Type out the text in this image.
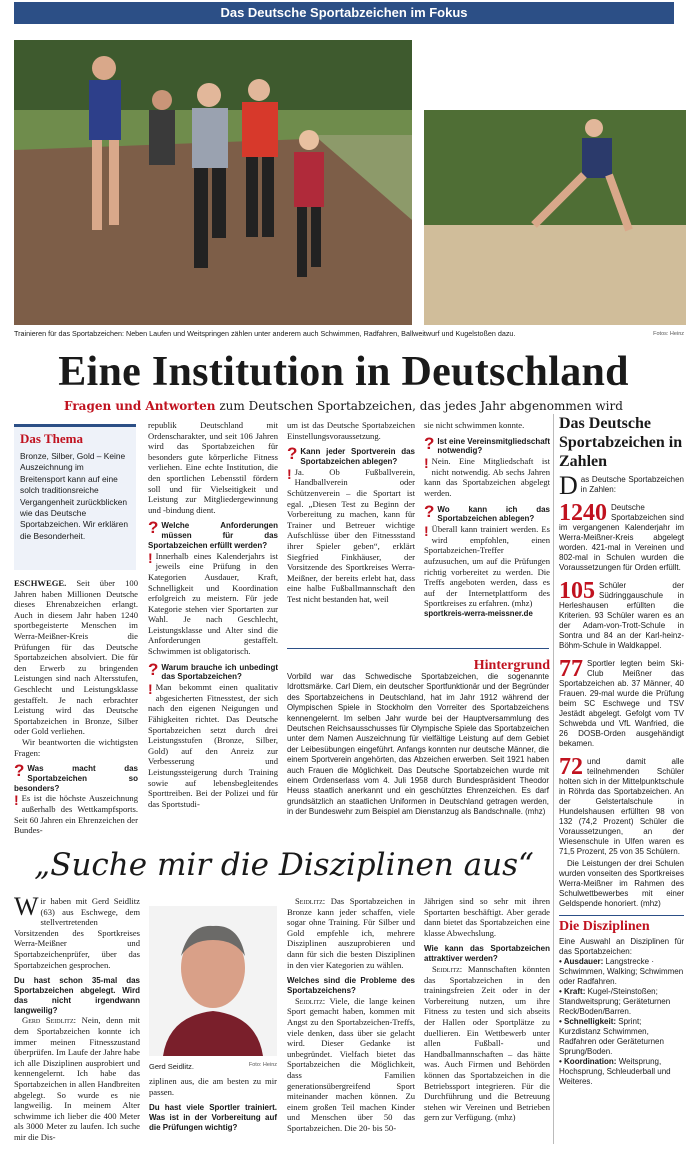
Das Deutsche Sportabzeichen im Fokus
Trainieren für das Sportabzeichen: Neben Laufen und Weitspringen zählen unter anderem auch Schwimmen, Radfahren, Ballweitwurf und Kugelstoßen dazu.	Fotos: Heinz
Eine Institution in Deutschland
Fragen und Antworten zum Deutschen Sportabzeichen, das jedes Jahr abgenommen wird
Das Thema
Bronze, Silber, Gold – Keine Auszeichnung im Breitensport kann auf eine solch traditionsreiche Vergangenheit zurückblicken wie das Deutsche Sportabzeichen. Wir erklären die Besonderheit.

ESCHWEGE. Seit über 100 Jahren haben Millionen Deutsche dieses Ehrenabzeichen erlangt. Auch in diesem Jahr haben 1240 sportbegeisterte Menschen im Werra-Meißner-Kreis die Prüfungen für das Deutsche Sportabzeichen absolviert. Die für den Erwerb zu bringenden Leistungen sind nach Altersstufen, Geschlecht und Leistungsklasse gestaffelt. Je nach erbrachter Leistung wird das Deutsche Sportabzeichen in Bronze, Silber oder Gold verliehen.

Wir beantworten die wichtigsten Fragen:

? Was macht das Sportabzeichen so besonders?

! Es ist die höchste Auszeichnung außerhalb des Wettkampfsports. Seit 60 Jahren ein Ehrenzeichen der Bundes-

republik Deutschland mit Ordenscharakter, und seit 106 Jahren wird das Sportabzeichen für besonders gute körperliche Fitness verliehen. Eine echte Institution, die den sportlichen Lebensstil fördern soll und für Vielseitigkeit und Leistung zur Mitgliedergewinnung und -bindung dient.

? Welche Anforderungen müssen für das Sportabzeichen erfüllt werden?

! Innerhalb eines Kalenderjahrs ist jeweils eine Prüfung in den Kategorien Ausdauer, Kraft, Schnelligkeit und Koordination erfolgreich zu meistern. Für jede Kategorie stehen vier Sportarten zur Wahl. Je nach Geschlecht, Leistungsklasse und Alter sind die Anforderungen gestaffelt. Schwimmen ist obligatorisch.

? Warum brauche ich unbedingt das Sportabzeichen?

! Man bekommt einen qualitativ abgesicherten Fitnesstest, der sich nach den eigenen Neigungen und Fähigkeiten richtet. Das Deutsche Sportabzeichen setzt durch drei Leistungsstufen (Bronze, Silber, Gold) auf den Anreiz zur Verbesserung und Leistungssteigerung durch Training sowie auf lebensbegleitendes Sporttreiben. Bei der Polizei und für das Sportstudi-

um ist das Deutsche Sportabzeichen Einstellungsvoraussetzung.

? Kann jeder Sportverein das Sportabzeichen ablegen?

! Ja. Ob Fußballverein, Handballverein oder Schützenverein – die Sportart ist egal. „Diesen Test zu Beginn der Vorbereitung zu machen, kann für Trainer und Betreuer wichtige Aufschlüsse über den Fitnessstand ihrer Spieler geben“, erklärt Siegfried Finkhäuser, der Vorsitzende des Sportkreises Werra-Meißner, der bereits erlebt hat, dass eine halbe Fußballmannschaft den Test nicht bestanden hat, weil

sie nicht schwimmen konnte.

? Ist eine Vereinsmitgliedschaft notwendig?

! Nein. Eine Mitgliedschaft ist nicht notwendig. Ab sechs Jahren kann das Sportabzeichen abgelegt werden.

? Wo kann ich das Sportabzeichen ablegen?

! Überall kann trainiert werden. Es wird empfohlen, einen Sportabzeichen-Treffer aufzusuchen, um auf die Prüfungen richtig vorbereitet zu werden. Die Treffs angeboten werden, dass es auf der Internetplattform des Sportkreises zu erfahren. (mhz)

sportkreis-werra-meissner.de

Hintergrund
Vorbild war das Schwedische Sportabzeichen, die sogenannte Idrottsmärke. Carl Diem, ein deutscher Sportfunktionär und der Begründer des Sportabzeichens in Deutschland, hat im Jahr 1912 während der Olympischen Spiele in Stockholm den Vorreiter des Sportabzeichens kennengelernt. Im selben Jahr wurde bei der Hauptversammlung des Deutschen Reichsausschusses für Olympische Spiele das Sportabzeichen unter dem Namen Auszeichnung für vielfältige Leistung auf dem Gebiet der Leibesübungen eingeführt. Anfangs konnten nur deutsche Männer, die einem Sportverein angehörten, das Abzeichen erwerben. Seit 1921 haben auch Frauen die Möglichkeit. Das Deutsche Sportabzeichen wurde mit einem Ordenserlass vom 4. Juli 1958 durch Bundespräsident Theodor Heuss staatlich anerkannt und ein geschütztes Ehrenzeichen. Es darf grundsätzlich an staatlichen Uniformen in Deutschland getragen werden, in der Bundeswehr zum Beispiel am Dienstanzug als Bandschnalle. (mhz)
Das Deutsche Sportabzeichen in Zahlen
Das Deutsche Sportabzeichen in Zahlen:
1240 Deutsche Sportabzeichen sind im vergangenen Kalenderjahr im Werra-Meißner-Kreis abgelegt worden. 421-mal in Vereinen und 802-mal in Schulen wurden die Voraussetzungen für Orden erfüllt.
105 Schüler der Südringgauschule in Herleshausen erfüllten die Kriterien. 93 Schüler waren es an der Adam-von-Trott-Schule in Sontra und 84 an der Karl-heinz-Böhm-Schule in Waldkappel.
77 Sportler legten beim Ski-Club Meißner das Sportabzeichen ab. 37 Männer, 40 Frauen. 29-mal wurde die Prüfung beim SC Eschwege und TSV Jestädt abgelegt. Gefolgt vom TV Schwebda und VfL Wanfried, die 26 DOSB-Orden ausgehändigt bekamen.
72 und damit alle teilnehmenden Schüler holten sich in der Mittelpunktschule in Röhrda das Sportabzeichen. An der Gelstertalschule in Hundelshausen erfüllten 98 von 132 (74,2 Prozent) Schüler die Voraussetzungen, an der Wiesenschule in Ulfen waren es 71,5 Prozent, 25 von 35 Schülern.
Die Leistungen der drei Schulen wurden vonseiten des Sportkreises Werra-Meißner im Rahmen des Schulwettbewerbes mit einer Geldspende honoriert. (mhz)
Die Disziplinen
Eine Auswahl an Disziplinen für das Sportabzeichen:
• Ausdauer: Langstrecke · Schwimmen, Walking; Schwimmen oder Radfahren.
• Kraft: Kugel-/Steinstoßen; Standweitsprung; Geräteturnen Reck/Boden/Barren.
• Schnelligkeit: Sprint; Kurzdistanz Schwimmen, Radfahren oder Geräteturnen Sprung/Boden.
• Koordination: Weitsprung, Hochsprung, Schleuderball und Weiteres.
„Suche mir die Disziplinen aus“

Wir haben mit Gerd Seidlitz (63) aus Eschwege, dem stellvertretenden Vorsitzenden des Sportkreises Werra-Meißner und Sportabzeichenprüfer, über das Sportabzeichen gesprochen.

Du hast schon 35-mal das Sportabzeichen abgelegt. Wird das nicht irgendwann langweilig?

Gerd Seidlitz: Nein, denn mit dem Sportabzeichen konnte ich immer meinen Fitnesszustand überprüfen. Im Laufe der Jahre habe ich alle Disziplinen ausprobiert und kennengelernt. Ich habe das Sportabzeichen in allen Handbreiten abgelegt. So wurde es nie langweilig. In meinem Alter schwimme ich lieber die 400 Meter als 3000 Meter zu laufen. Ich suche mir die Dis-

Gerd Seidlitz.	Foto: Heinz

ziplinen aus, die am besten zu mir passen.

Du hast viele Sportler trainiert. Was ist in der Vorbereitung auf die Prüfungen wichtig?

Seidlitz: Das Sportabzeichen in Bronze kann jeder schaffen, viele sogar ohne Training. Für Silber und Gold empfehle ich, mehrere Disziplinen auszuprobieren und dann für sich die besten Disziplinen in den vier Kategorien zu wählen.

Welches sind die Probleme des Sportabzeichens?

Seidlitz: Viele, die lange keinen Sport gemacht haben, kommen mit Angst zu den Sportabzeichen-Treffs, viele denken, dass über sie gelacht wird. Dieser Gedanke ist unbegründet. Vielfach bietet das Sportabzeichen die Möglichkeit, dass Familien generationsübergreifend Sport miteinander machen können. Zu einem großen Teil machen Kinder und Menschen über 50 das Sportabzeichen. Die 20- bis 50-

Jährigen sind so sehr mit ihren Sportarten beschäftigt. Aber gerade dann bietet das Sportabzeichen eine klasse Abwechslung.

Wie kann das Sportabzeichen attraktiver werden?

Seidlitz: Mannschaften könnten das Sportabzeichen in den trainingsfreien Zeit oder in der Vorbereitung nutzen, um ihre Fitness zu testen und sich abseits der Hallen oder Sportplätze zu duellieren. Ein Wettbewerb unter allen Fußball- und Handballmannschaften – das hätte was. Auch Firmen und Behörden können das Sportabzeichen in die Betriebssport integrieren. Für die Durchführung und die Betreuung stehen wir Vereinen und Betrieben gern zur Verfügung. (mhz)
